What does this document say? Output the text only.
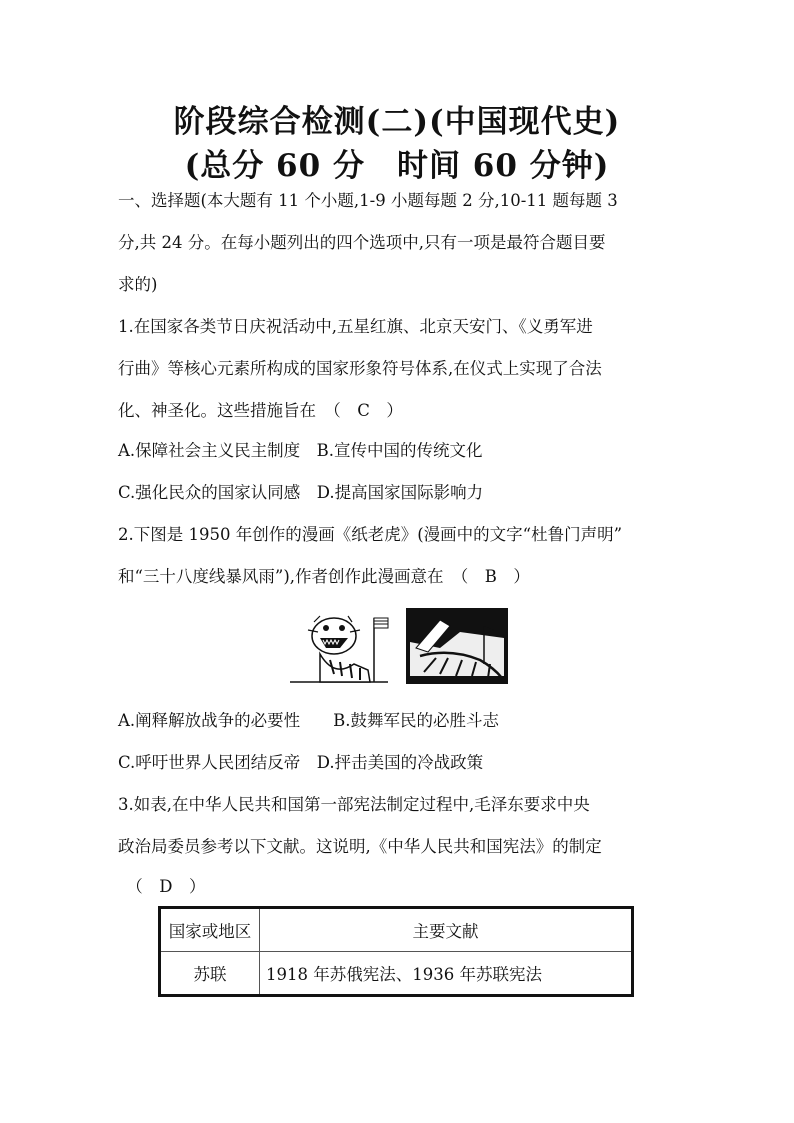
阶段综合检测(二)(中国现代史)
(总分 60 分　时间 60 分钟)
一、选择题(本大题有 11 个小题,1-9 小题每题 2 分,10-11 题每题 3
分,共 24 分。在每小题列出的四个选项中,只有一项是最符合题目要
求的)
1.在国家各类节日庆祝活动中,五星红旗、北京天安门、《义勇军进
行曲》等核心元素所构成的国家形象符号体系,在仪式上实现了合法
化、神圣化。这些措施旨在　（　C　）
A.保障社会主义民主制度　B.宣传中国的传统文化
C.强化民众的国家认同感　D.提高国家国际影响力
2.下图是 1950 年创作的漫画《纸老虎》(漫画中的文字“杜鲁门声明”
和“三十八度线暴风雨”),作者创作此漫画意在　（　B　）
A.阐释解放战争的必要性　　B.鼓舞军民的必胜斗志
C.呼吁世界人民团结反帝　D.抨击美国的冷战政策
3.如表,在中华人民共和国第一部宪法制定过程中,毛泽东要求中央
政治局委员参考以下文献。这说明,《中华人民共和国宪法》的制定
　（　D　）
国家或地区	主要文献
苏联	1918 年苏俄宪法、1936 年苏联宪法
